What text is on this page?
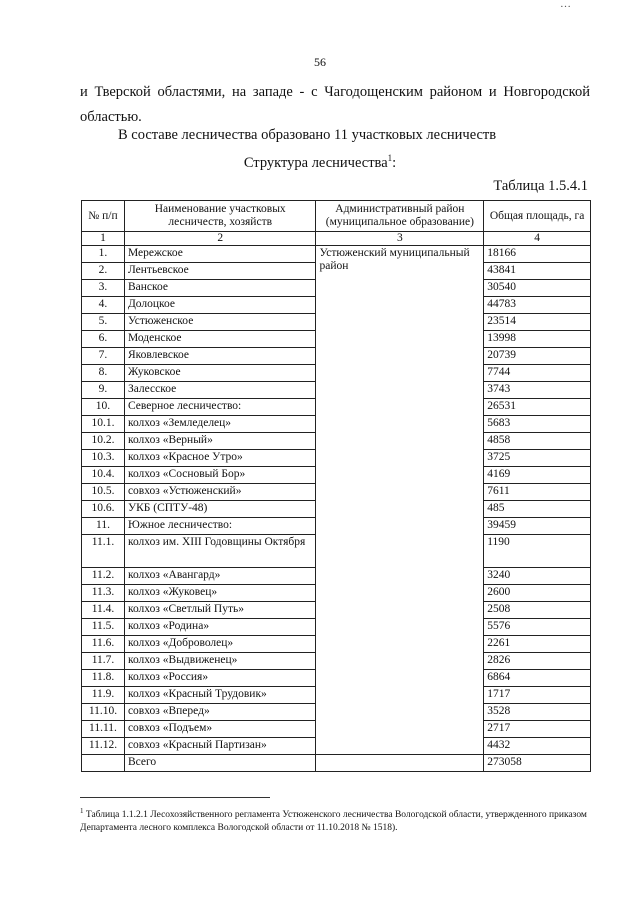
…
56
и Тверской областями, на западе - с Чагодощенским районом и Новгородской областью.
В составе лесничества образовано 11 участковых лесничеств
Структура лесничества$^1$:
Таблица 1.5.4.1
№ п/п	Наименование участковых лесничеств, хозяйств	Административный район (муниципальное образование)	Общая площадь, га
1	2	3	4
1.	Мережское	Устюженский муниципальный район	18166
2.	Лентьевское		43841
3.	Ванское		30540
4.	Долоцкое		44783
5.	Устюженское		23514
6.	Моденское		13998
7.	Яковлевское		20739
8.	Жуковское		7744
9.	Залесское		3743
10.	Северное лесничество:		26531
10.1.	колхоз «Земледелец»		5683
10.2.	колхоз «Верный»		4858
10.3.	колхоз «Красное Утро»		3725
10.4.	колхоз «Сосновый Бор»		4169
10.5.	совхоз «Устюженский»		7611
10.6.	УКБ (СПТУ-48)		485
11.	Южное лесничество:		39459
11.1.	колхоз им. XIII Годовщины Октября		1190
11.2.	колхоз «Авангард»		3240
11.3.	колхоз «Жуковец»		2600
11.4.	колхоз «Светлый Путь»		2508
11.5.	колхоз «Родина»		5576
11.6.	колхоз «Доброволец»		2261
11.7.	колхоз «Выдвиженец»		2826
11.8.	колхоз «Россия»		6864
11.9.	колхоз «Красный Трудовик»		1717
11.10.	совхоз «Вперед»		3528
11.11.	совхоз «Подъем»		2717
11.12.	совхоз «Красный Партизан»		4432
	Всего		273058
$^1$ Таблица 1.1.2.1 Лесохозяйственного регламента Устюженского лесничества Вологодской области, утвержденного приказом Департамента лесного комплекса Вологодской области от 11.10.2018 № 1518).
